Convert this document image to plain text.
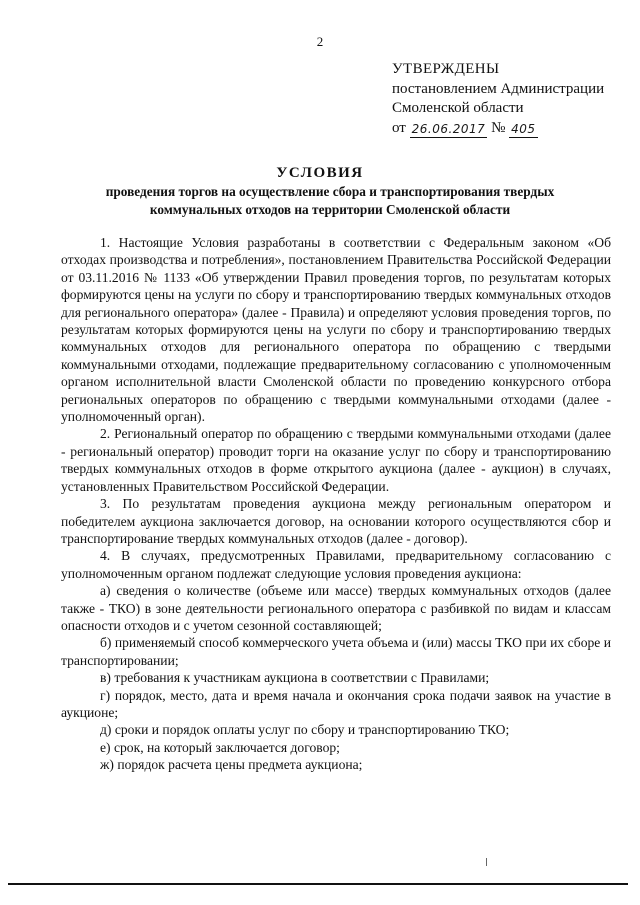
2
УТВЕРЖДЕНЫ
постановлением Администрации
Смоленской области
от
26.06.2017
№
405
УСЛОВИЯ
проведения торгов на осуществление сбора и транспортирования твердых коммунальных отходов на территории Смоленской области

1. Настоящие Условия разработаны в соответствии с Федеральным законом «Об отходах производства и потребления», постановлением Правительства Российской Федерации от 03.11.2016 № 1133 «Об утверждении Правил проведения торгов, по результатам которых формируются цены на услуги по сбору и транспортированию твердых коммунальных отходов для регионального оператора» (далее - Правила) и определяют условия проведения торгов, по результатам которых формируются цены на услуги по сбору и транспортированию твердых коммунальных отходов для регионального оператора по обращению с твердыми коммунальными отходами, подлежащие предварительному согласованию с уполномоченным органом исполнительной власти Смоленской области по проведению конкурсного отбора региональных операторов по обращению с твердыми коммунальными отходами (далее - уполномоченный орган).

2. Региональный оператор по обращению с твердыми коммунальными отходами (далее - региональный оператор) проводит торги на оказание услуг по сбору и транспортированию твердых коммунальных отходов в форме открытого аукциона (далее - аукцион) в случаях, установленных Правительством Российской Федерации.

3. По результатам проведения аукциона между региональным оператором и победителем аукциона заключается договор, на основании которого осуществляются сбор и транспортирование твердых коммунальных отходов (далее - договор).

4. В случаях, предусмотренных Правилами, предварительному согласованию с уполномоченным органом подлежат следующие условия проведения аукциона:

а) сведения о количестве (объеме или массе) твердых коммунальных отходов (далее также - ТКО) в зоне деятельности регионального оператора с разбивкой по видам и классам опасности отходов и с учетом сезонной составляющей;

б) применяемый способ коммерческого учета объема и (или) массы ТКО при их сборе и транспортировании;

в) требования к участникам аукциона в соответствии с Правилами;

г) порядок, место, дата и время начала и окончания срока подачи заявок на участие в аукционе;

д) сроки и порядок оплаты услуг по сбору и транспортированию ТКО;

е) срок, на который заключается договор;

ж) порядок расчета цены предмета аукциона;
